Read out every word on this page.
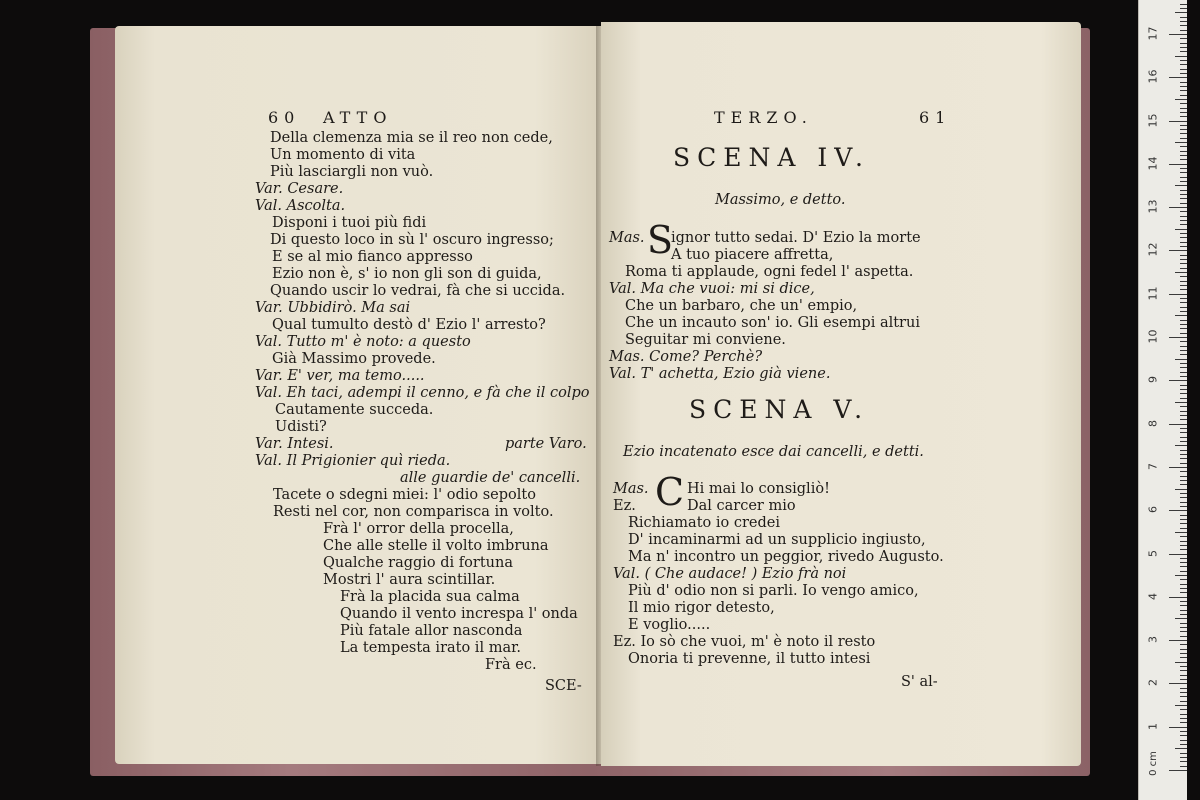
60 ATTO
Della clemenza mia se il reo non cede,
Un momento di vita
Più lasciargli non vuò.
Var. Cesare.
Val. Ascolta.
Disponi i tuoi più fidi
Di questo loco in sù l' oscuro ingresso;
E se al mio fianco appresso
Ezio non è, s' io non gli son di guida,
Quando uscir lo vedrai, fà che si uccida.
Var. Ubbidirò. Ma sai
Qual tumulto destò d' Ezio l' arresto?
Val. Tutto m' è noto: a questo
Già Massimo provede.
Var. E' ver, ma temo.....
Val. Eh taci, adempi il cenno, e fà che il colpo
Cautamente succeda.
Udisti?
Var. Intesi.	parte Varo.
Val. Il Prigionier quì rieda.
alle guardie de' cancelli.
Tacete o sdegni miei: l' odio sepolto
Resti nel cor, non comparisca in volto.
Frà l' orror della procella,
Che alle stelle il volto imbruna
Qualche raggio di fortuna
Mostri l' aura scintillar.
Frà la placida sua calma
Quando il vento increspa l' onda
Più fatale allor nasconda
La tempesta irato il mar.
Frà ec.
SCE-
TERZO.	61
SCENA IV.
Massimo, e detto.
Mas. S
ignor tutto sedai. D' Ezio la morte
A tuo piacere affretta,
Roma ti applaude, ogni fedel l' aspetta.
Val. Ma che vuoi: mi si dice,
Che un barbaro, che un' empio,
Che un incauto son' io. Gli esempi altrui
Seguitar mi conviene.
Mas. Come? Perchè?
Val. T' achetta, Ezio già viene.
SCENA V.
Ezio incatenato esce dai cancelli, e detti.
Mas.
Ez. C Hi mai lo consigliò!
Dal carcer mio
Richiamato io credei
D' incaminarmi ad un supplicio ingiusto,
Ma n' incontro un peggior, rivedo Augusto.
Val. ( Che audace! ) Ezio frà noi
Più d' odio non si parli. Io vengo amico,
Il mio rigor detesto,
E voglio.....
Ez. Io sò che vuoi, m' è noto il resto
Onoria ti prevenne, il tutto intesi
S' al-
0 cm
1
2
3
4
5
6
7
8
9
10
11
12
13
14
15
16
17
